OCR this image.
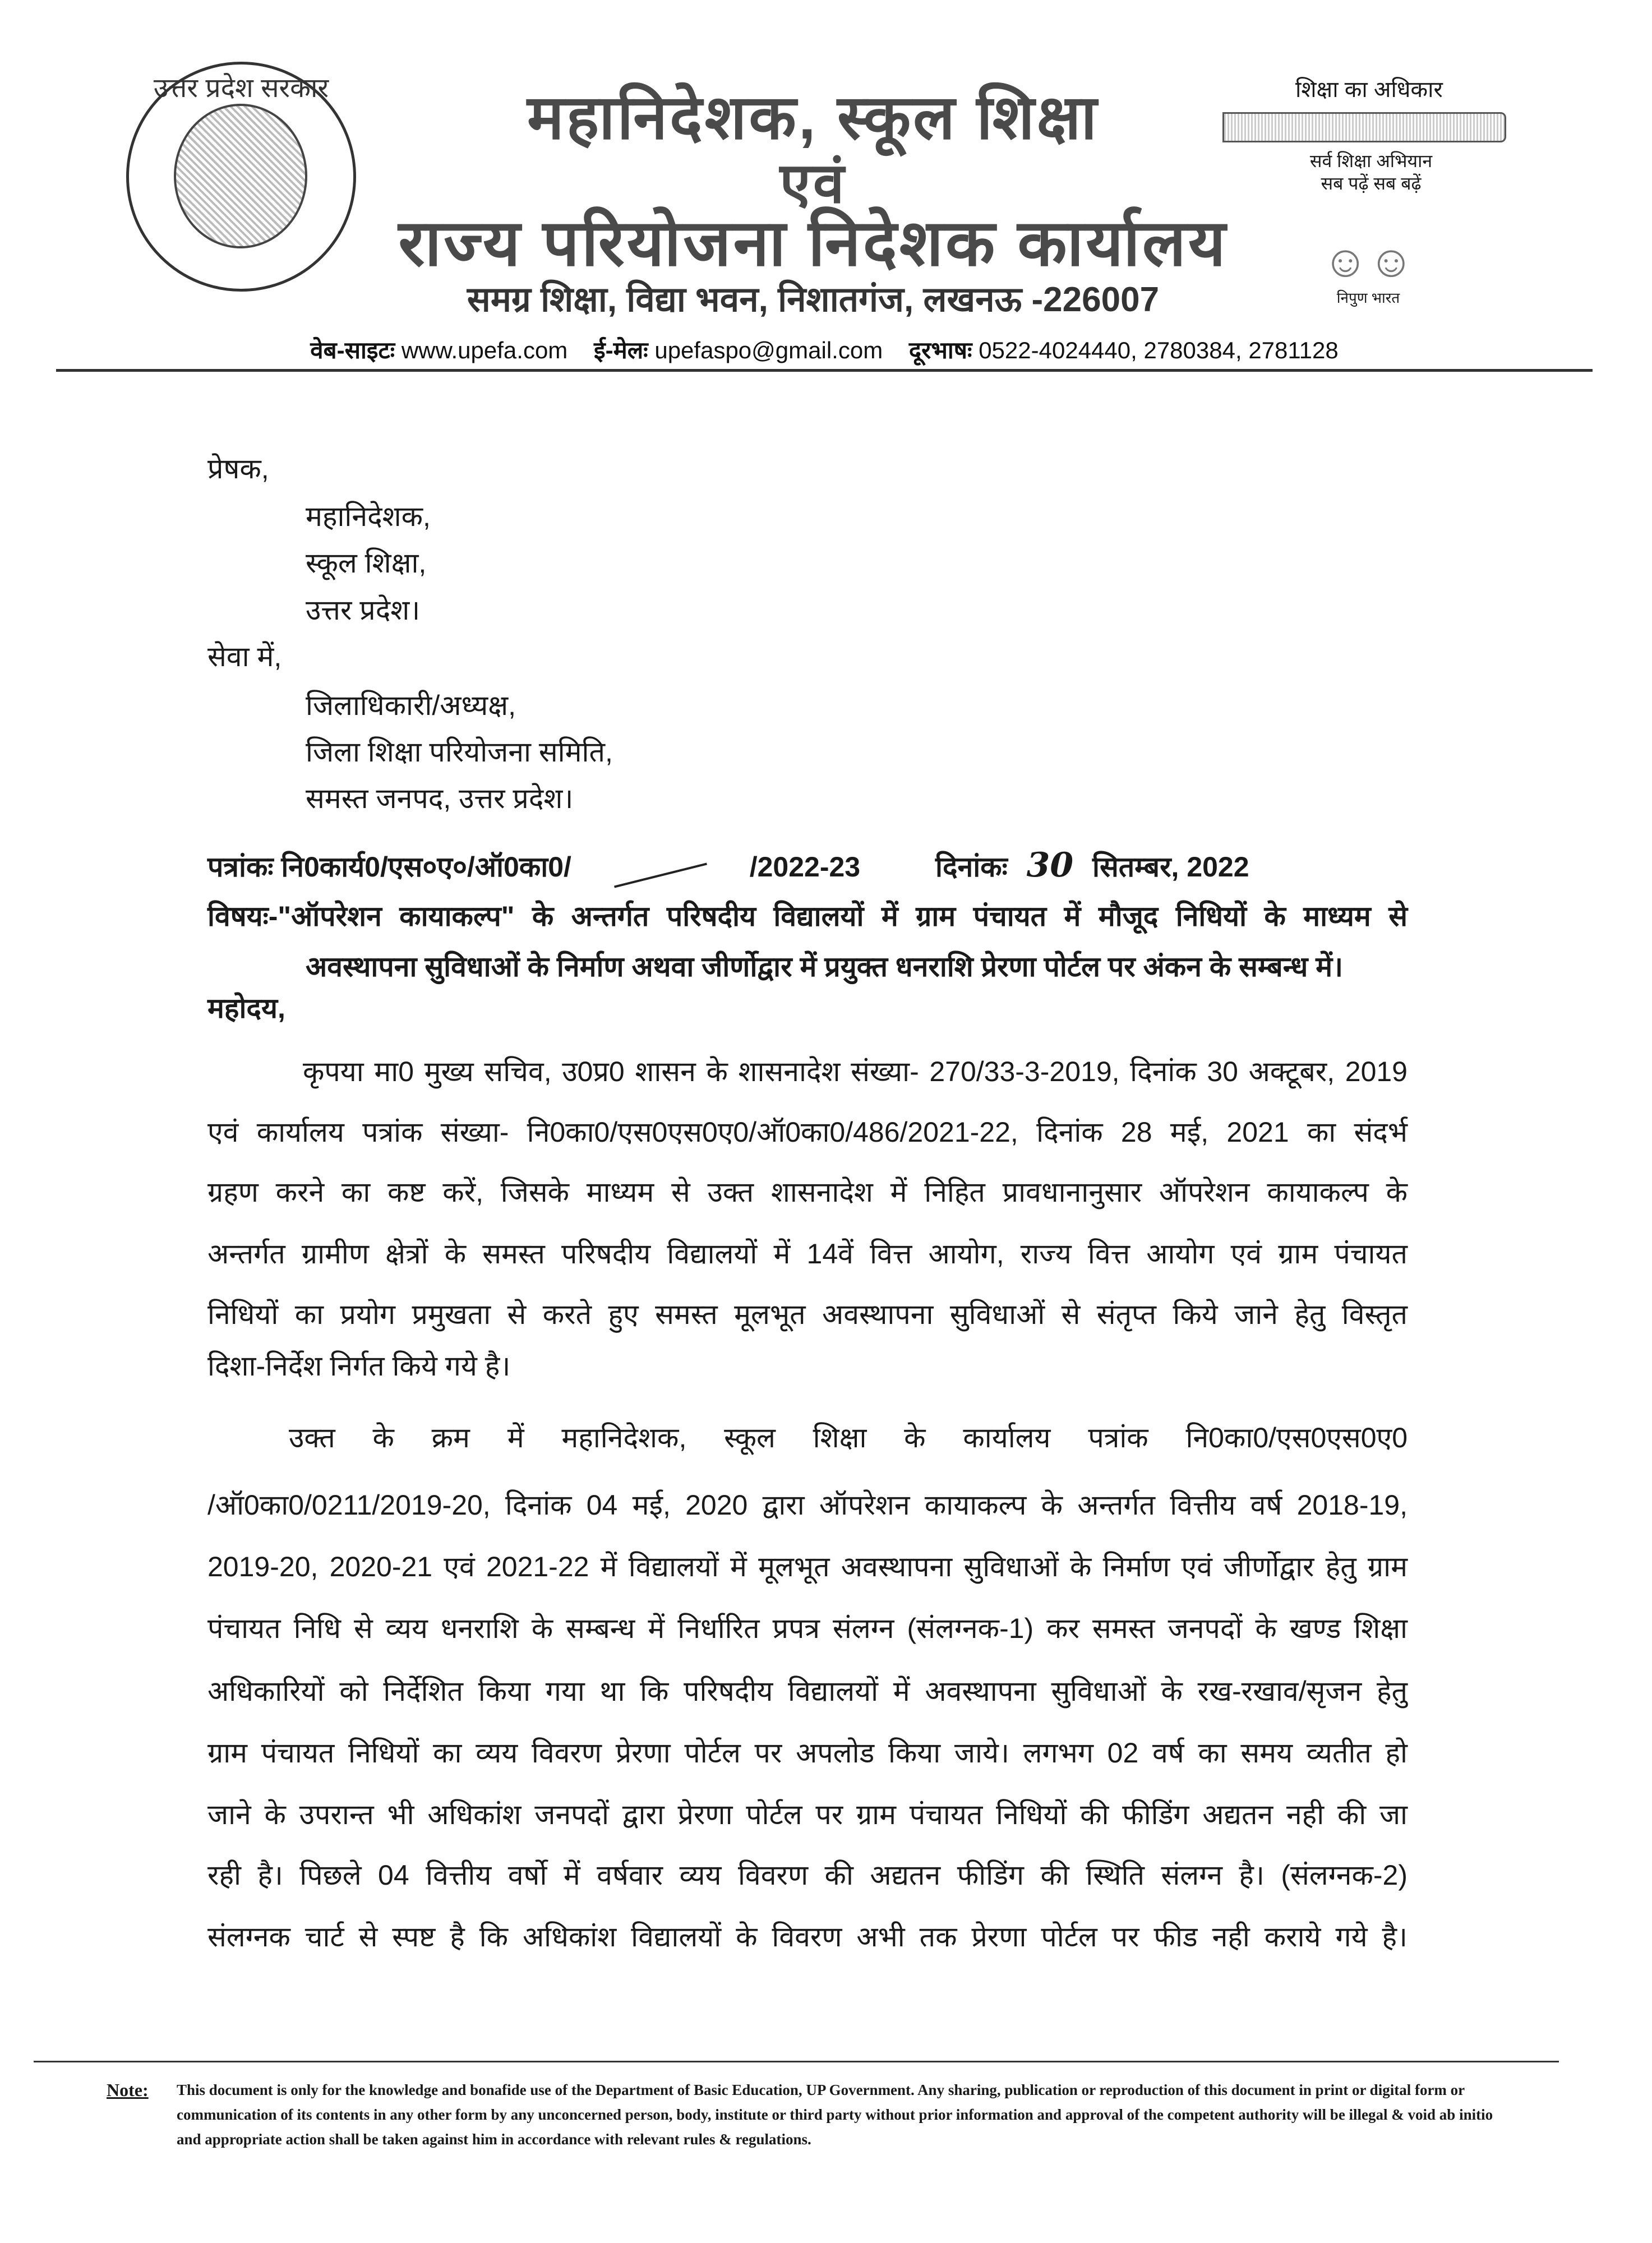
उत्तर प्रदेश सरकार	महानिदेशक, स्कूल शिक्षा
एवं
राज्य परियोजना निदेशक कार्यालय
समग्र शिक्षा, विद्या भवन, निशातगंज, लखनऊ -226007
वेब-साइटः www.upefa.com ई-मेलः upefaspo@gmail.com दूरभाषः 0522-4024440, 2780384, 2781128
शिक्षा का अधिकार
सर्व शिक्षा अभियान
सब पढ़ें सब बढ़ें
☺☺
निपुण भारत
प्रेषक,
महानिदेशक,
स्कूल शिक्षा,
उत्तर प्रदेश।
सेवा में,
जिलाधिकारी/अध्यक्ष,
जिला शिक्षा परियोजना समिति,
समस्त जनपद, उत्तर प्रदेश।
पत्रांकः नि0कार्य0/एस०ए०/ऑ0का0/	/2022-23	दिनांकः 30 सितम्बर, 2022
विषयः-"ऑपरेशन कायाकल्प" के अन्तर्गत परिषदीय विद्यालयों में ग्राम पंचायत में मौजूद निधियों के माध्यम से
अवस्थापना सुविधाओं के निर्माण अथवा जीर्णोद्वार में प्रयुक्त धनराशि प्रेरणा पोर्टल पर अंकन के सम्बन्ध में।
महोदय,
कृपया मा0 मुख्य सचिव, उ0प्र0 शासन के शासनादेश संख्या- 270/33-3-2019, दिनांक 30 अक्टूबर, 2019
एवं कार्यालय पत्रांक संख्या- नि0का0/एस0एस0ए0/ऑ0का0/486/2021-22, दिनांक 28 मई, 2021 का संदर्भ
ग्रहण करने का कष्ट करें, जिसके माध्यम से उक्त शासनादेश में निहित प्रावधानानुसार ऑपरेशन कायाकल्प के
अन्तर्गत ग्रामीण क्षेत्रों के समस्त परिषदीय विद्यालयों में 14वें वित्त आयोग, राज्य वित्त आयोग एवं ग्राम पंचायत
निधियों का प्रयोग प्रमुखता से करते हुए समस्त मूलभूत अवस्थापना सुविधाओं से संतृप्त किये जाने हेतु विस्तृत
दिशा-निर्देश निर्गत किये गये है।
उक्त के क्रम में महानिदेशक, स्कूल शिक्षा के कार्यालय पत्रांक नि0का0/एस0एस0ए0
/ऑ0का0/0211/2019-20, दिनांक 04 मई, 2020 द्वारा ऑपरेशन कायाकल्प के अन्तर्गत वित्तीय वर्ष 2018-19,
2019-20, 2020-21 एवं 2021-22 में विद्यालयों में मूलभूत अवस्थापना सुविधाओं के निर्माण एवं जीर्णोद्वार हेतु ग्राम
पंचायत निधि से व्यय धनराशि के सम्बन्ध में निर्धारित प्रपत्र संलग्न (संलग्नक-1) कर समस्त जनपदों के खण्ड शिक्षा
अधिकारियों को निर्देशित किया गया था कि परिषदीय विद्यालयों में अवस्थापना सुविधाओं के रख-रखाव/सृजन हेतु
ग्राम पंचायत निधियों का व्यय विवरण प्रेरणा पोर्टल पर अपलोड किया जाये। लगभग 02 वर्ष का समय व्यतीत हो
जाने के उपरान्त भी अधिकांश जनपदों द्वारा प्रेरणा पोर्टल पर ग्राम पंचायत निधियों की फीडिंग अद्यतन नही की जा
रही है। पिछले 04 वित्तीय वर्षो में वर्षवार व्यय विवरण की अद्यतन फीडिंग की स्थिति संलग्न है। (संलग्नक-2)
संलग्नक चार्ट से स्पष्ट है कि अधिकांश विद्यालयों के विवरण अभी तक प्रेरणा पोर्टल पर फीड नही कराये गये है।
Note: This document is only for the knowledge and bonafide use of the Department of Basic Education, UP Government. Any sharing, publication or reproduction of this document in print or digital form or communication of its contents in any other form by any unconcerned person, body, institute or third party without prior information and approval of the competent authority will be illegal & void ab initio and appropriate action shall be taken against him in accordance with relevant rules & regulations.
